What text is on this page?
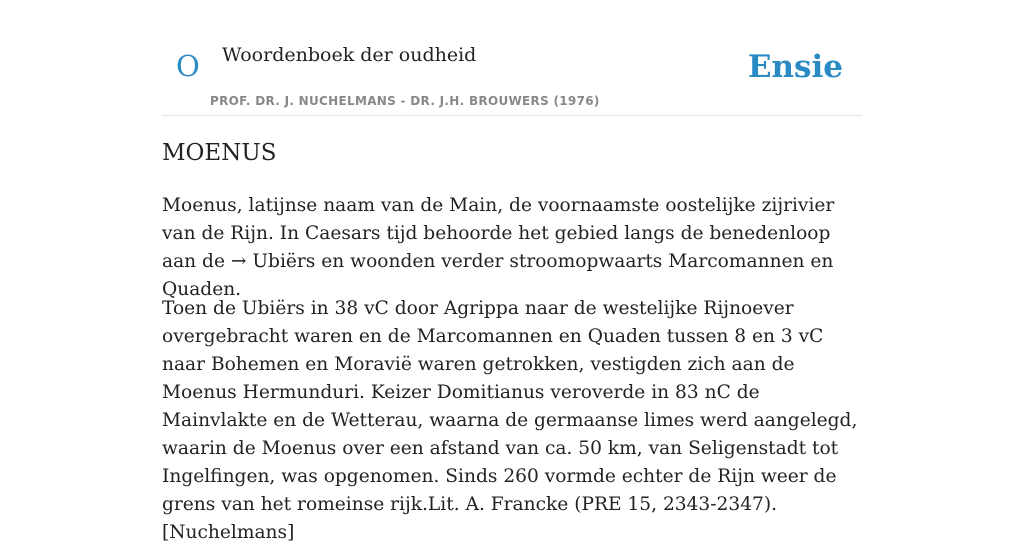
O Woordenboek der oudheid
PROF. DR. J. NUCHELMANS - DR. J.H. BROUWERS (1976)
Ensie
MOENUS

Moenus, latijnse naam van de Main, de voornaamste oostelijke zijrivier van de Rijn. In Caesars tijd behoorde het gebied langs de benedenloop aan de → Ubiërs en woonden verder stroomopwaarts Marcomannen en Quaden.

Toen de Ubiërs in 38 vC door Agrippa naar de westelijke Rijnoever overgebracht waren en de Marcomannen en Quaden tussen 8 en 3 vC naar Bohemen en Moravië waren getrokken, vestigden zich aan de Moenus Hermunduri. Keizer Domitianus veroverde in 83 nC de Mainvlakte en de Wetterau, waarna de germaanse limes werd aangelegd, waarin de Moenus over een afstand van ca. 50 km, van Seligenstadt tot Ingelfingen, was opgenomen. Sinds 260 vormde echter de Rijn weer de grens van het romeinse rijk.Lit. A. Francke (PRE 15, 2343-2347). [Nuchelmans]
